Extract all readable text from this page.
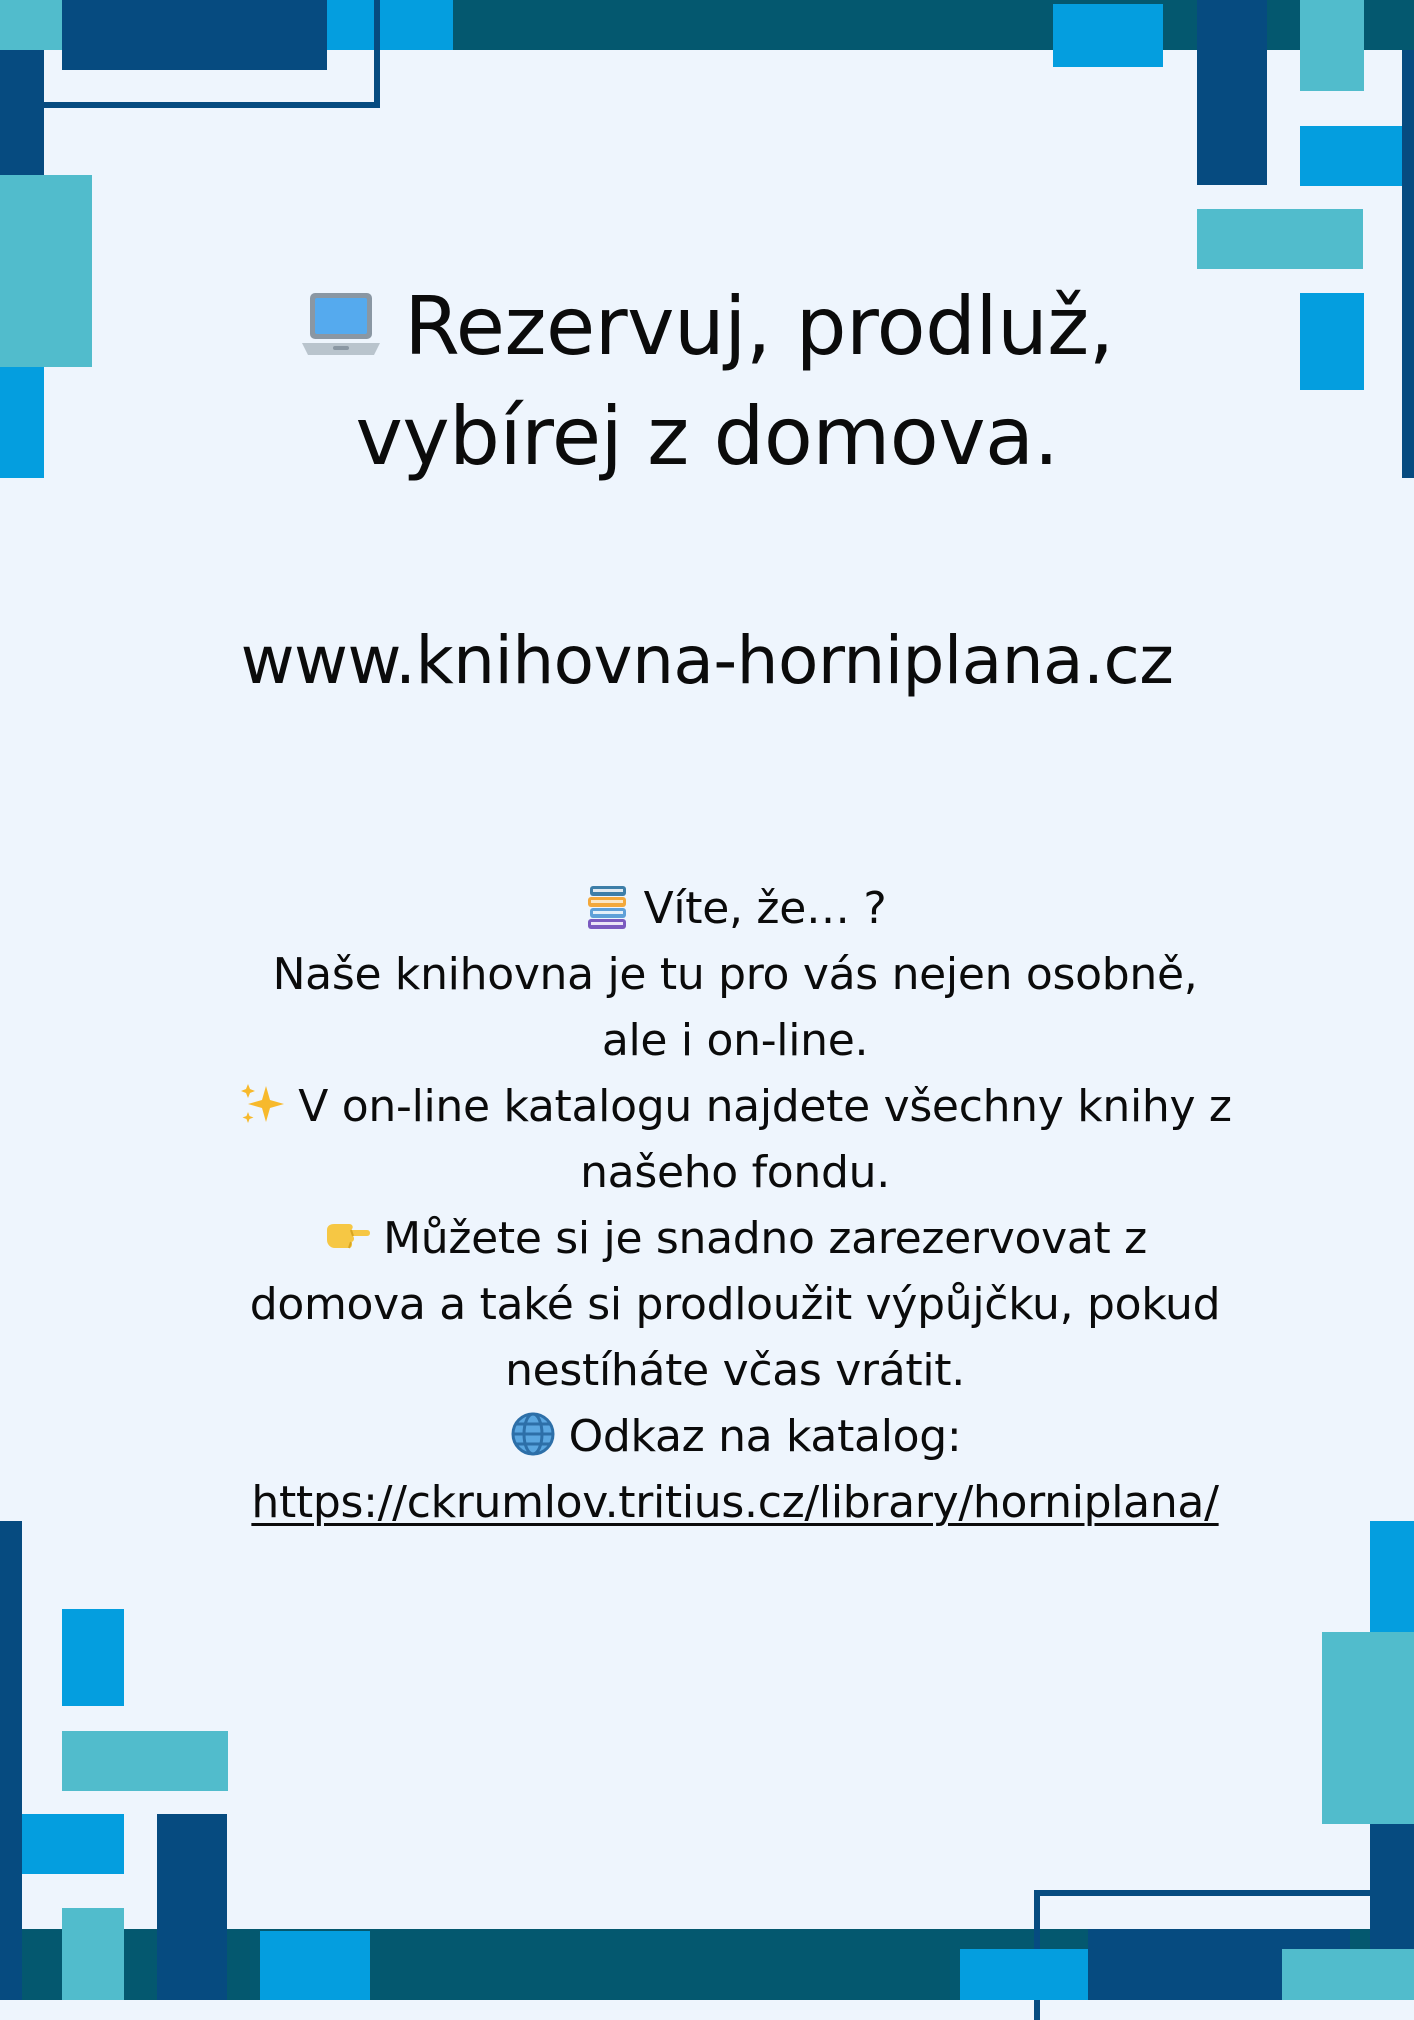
Rezervuj, prodluž,
vybírej z domova.
www.knihovna-horniplana.cz
Víte, že… ?
Naše knihovna je tu pro vás nejen osobně,
ale i on-line.
V on-line katalogu najdete všechny knihy z
našeho fondu.
Můžete si je snadno zarezervovat z
domova a také si prodloužit výpůjčku, pokud
nestíháte včas vrátit.
Odkaz na katalog:
https://ckrumlov.tritius.cz/library/horniplana/
